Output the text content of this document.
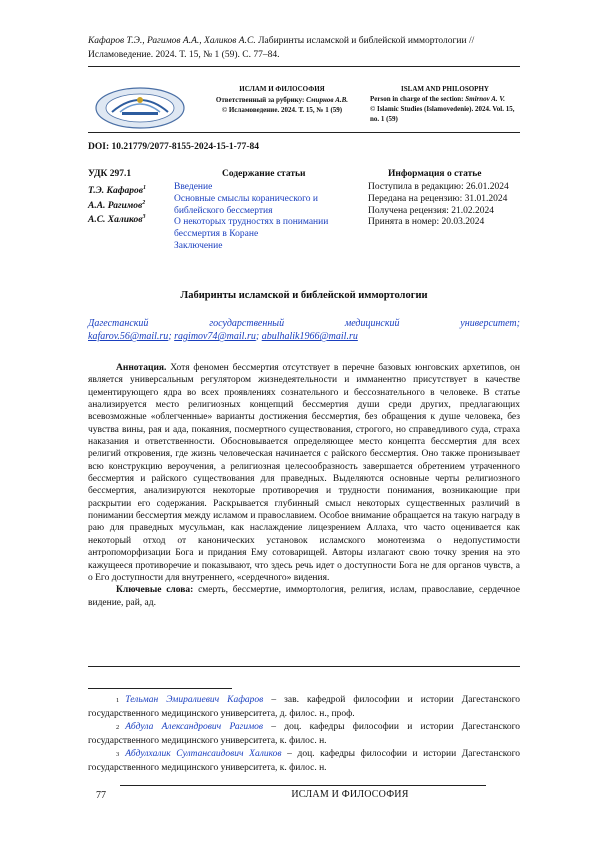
Кафаров Т.Э., Рагимов А.А., Халиков А.С. Лабиринты исламской и библейской иммортологии //
Исламоведение. 2024. Т. 15, № 1 (59). С. 77–84.
ИСЛАМ И ФИЛОСОФИЯ
Ответственный за рубрику: Смирнов А.В.
© Исламоведение. 2024. Т. 15, № 1 (59)
ISLAM AND PHILOSOPHY
Person in charge of the section: Smirnov A. V.
© Islamic Studies (Islamovedenie). 2024. Vol. 15, no. 1 (59)
DOI: 10.21779/2077-8155-2024-15-1-77-84
УДК 297.1	Содержание статьи	Информация о статье
Т.Э. Кафаров1
А.А. Рагимов2
А.С. Халиков3
Введение
Основные смыслы коранического и библейского бессмертия
О некоторых трудностях в понимании бессмертия в Коране
Заключение
Поступила в редакцию: 26.01.2024
Передана на рецензию: 31.01.2024
Получена рецензия: 21.02.2024
Принята в номер: 20.03.2024
Лабиринты исламской и библейской иммортологии
Дагестанский государственный медицинский университет;
kafarov.56@mail.ru; ragimov74@mail.ru; abulhalik1966@mail.ru
Аннотация. Хотя феномен бессмертия отсутствует в перечне базовых юнговских архетипов, он является универсальным регулятором жизнедеятельности и имманентно присутствует в качестве цементирующего ядра во всех проявлениях сознательного и бессознательного в человеке. В статье анализируется место религиозных концепций бессмертия души среди других, предлагающих всевозможные «облегченные» варианты достижения бессмертия, без обращения к душе человека, без чувства вины, рая и ада, покаяния, посмертного существования, строгого, но справедливого суда, страха наказания и ответственности. Обосновывается определяющее место концепта бессмертия для всех религий откровения, где жизнь человеческая начинается с райского бессмертия. Оно также пронизывает всю конструкцию вероучения, а религиозная целесообразность завершается обретением утраченного бессмертия и райского существования для праведных. Выделяются основные черты религиозного бессмертия, анализируются некоторые противоречия и трудности понимания, возникающие при раскрытии его содержания. Раскрывается глубинный смысл некоторых существенных различий в понимании бессмертия между исламом и православием. Особое внимание обращается на такую награду в раю для праведных мусульман, как наслаждение лицезрением Аллаха, что часто оценивается как некоторый отход от канонических установок исламского монотеизма о недопустимости антропоморфизации Бога и придания Ему сотоварищей. Авторы излагают свою точку зрения на это кажущееся противоречие и показывают, что здесь речь идет о доступности Бога не для органов чувств, а о Его доступности для внутреннего, «сердечного» видения.
Ключевые слова: смерть, бессмертие, иммортология, религия, ислам, православие, сердечное видение, рай, ад.
1 Тельман Эмиралиевич Кафаров – зав. кафедрой философии и истории Дагестанского государственного медицинского университета, д. филос. н., проф.
2 Абдула Александрович Рагимов – доц. кафедры философии и истории Дагестанского государственного медицинского университета, к. филос. н.
3 Абдулхалик Султансаидович Халиков – доц. кафедры философии и истории Дагестанского государственного медицинского университета, к. филос. н.
77	ИСЛАМ И ФИЛОСОФИЯ
